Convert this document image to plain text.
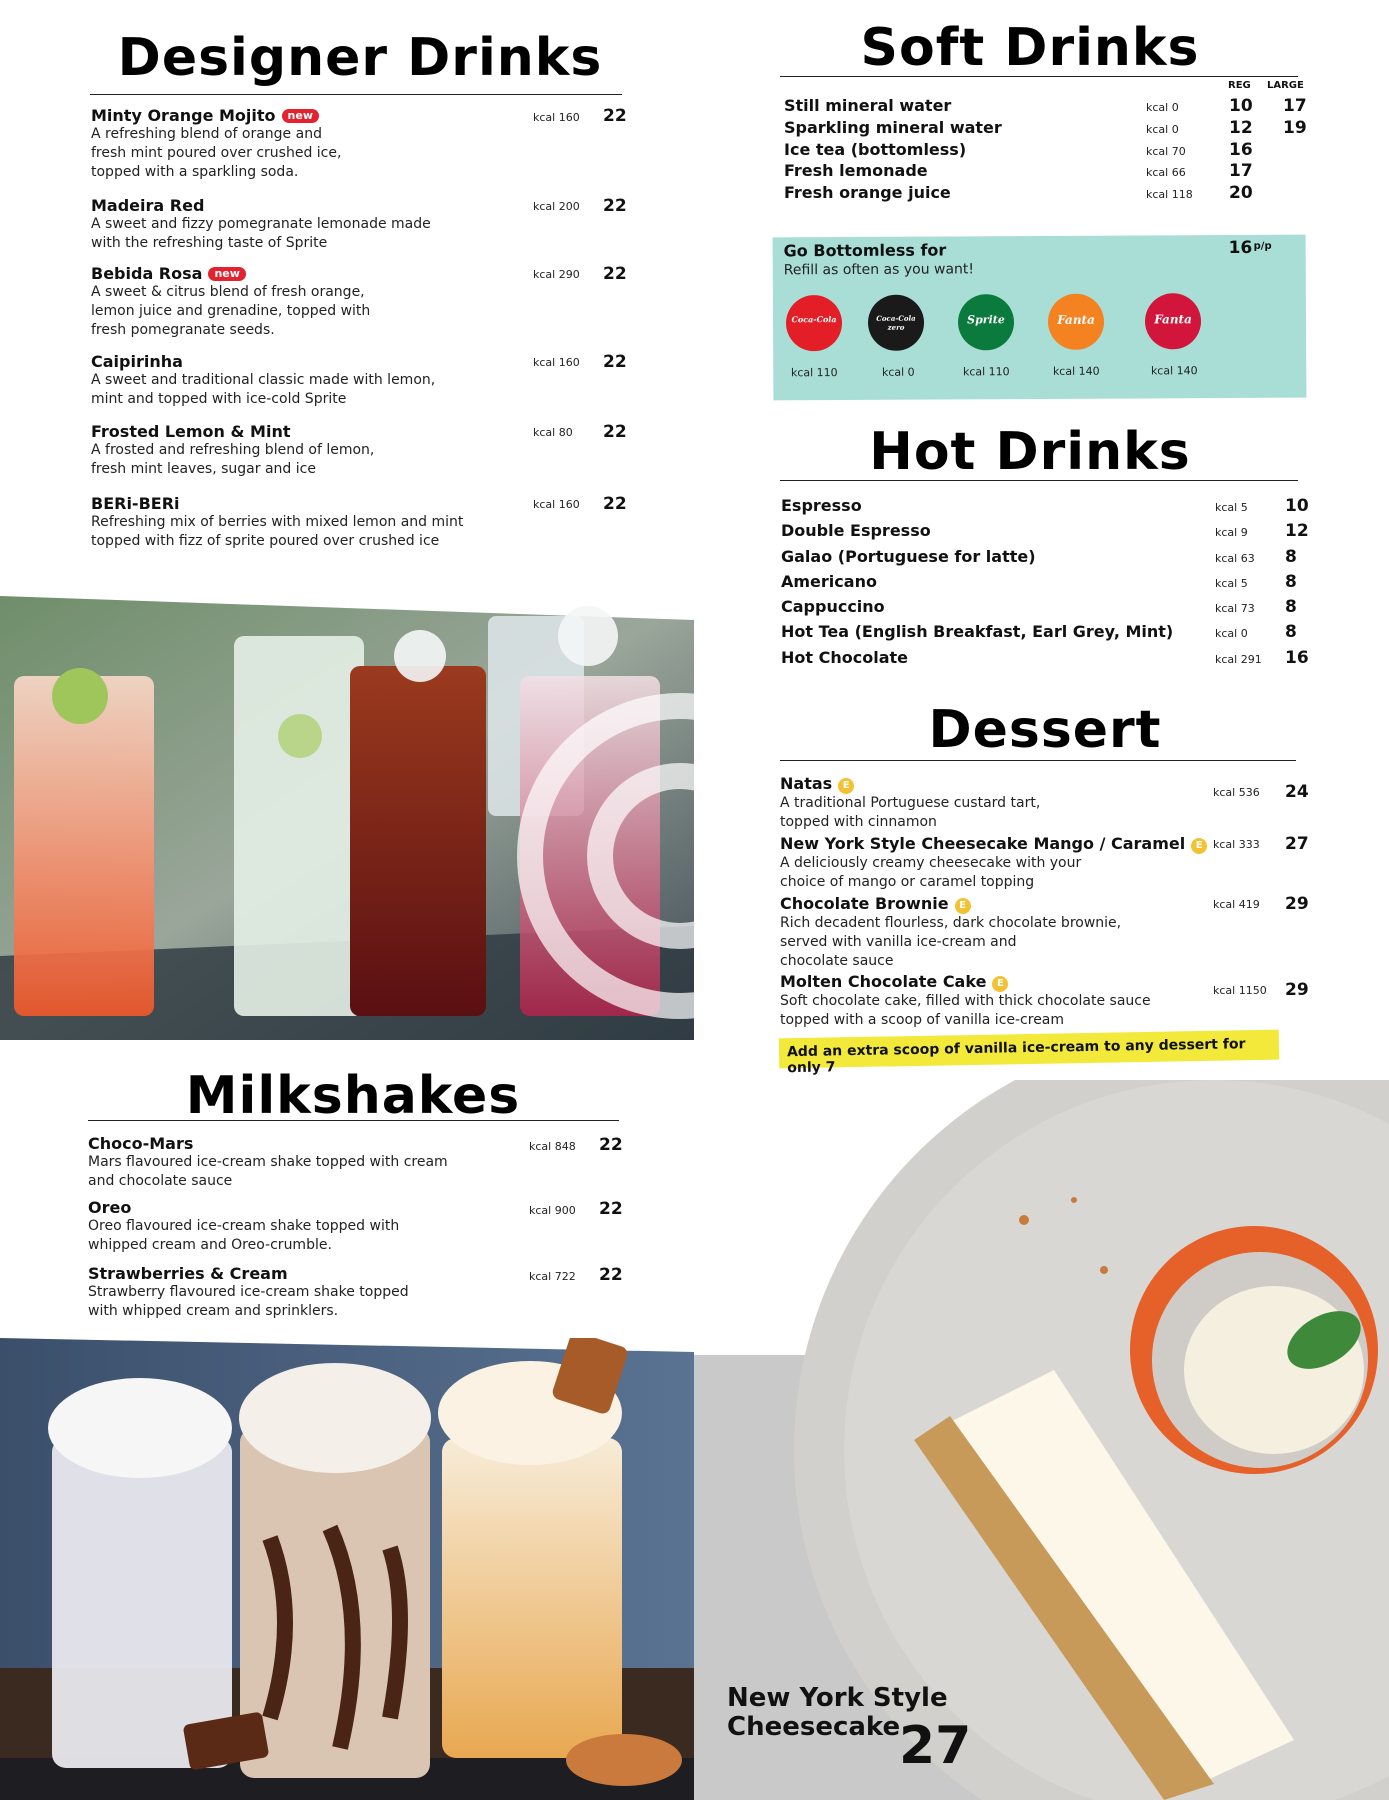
Designer Drinks
Minty Orange Mojito new
A refreshing blend of orange and
fresh mint poured over crushed ice,
topped with a sparkling soda.
kcal 160 22
Madeira Red
A sweet and fizzy pomegranate lemonade made
with the refreshing taste of Sprite
kcal 200 22
Bebida Rosa new
A sweet & citrus blend of fresh orange,
lemon juice and grenadine, topped with
fresh pomegranate seeds.
kcal 290 22
Caipirinha
A sweet and traditional classic made with lemon,
mint and topped with ice-cold Sprite
kcal 160 22
Frosted Lemon & Mint
A frosted and refreshing blend of lemon,
fresh mint leaves, sugar and ice
kcal 80 22
BERi-BERi
Refreshing mix of berries with mixed lemon and mint
topped with fizz of sprite poured over crushed ice
kcal 160 22
Soft Drinks
REG LARGE
Still mineral water	kcal 0	10 17
Sparkling mineral water	kcal 0	12 19
Ice tea (bottomless)	kcal 70	16
Fresh lemonade	kcal 66	17
Fresh orange juice	kcal 118 20
Go Bottomless for
Refill as often as you want!
16 p/p
Coca-Cola	Coca-Cola zero
Sprite	Fanta	Fanta
kcal 110	kcal 0	kcal 110	kcal 140	kcal 140
Hot Drinks
Espresso	kcal 5 10
Double Espresso	kcal 9 12
Galao (Portuguese for latte)	kcal 63 8
Americano	kcal 5 8
Cappuccino	kcal 73 8
Hot Tea (English Breakfast, Earl Grey, Mint)	kcal 0 8
Hot Chocolate	kcal 291 16
Dessert
Natas E
A traditional Portuguese custard tart,
topped with cinnamon
kcal 536 24
New York Style Cheesecake Mango / Caramel E
A deliciously creamy cheesecake with your
choice of mango or caramel topping
kcal 333 27
Chocolate Brownie E
Rich decadent flourless, dark chocolate brownie,
served with vanilla ice-cream and
chocolate sauce
kcal 419 29
Molten Chocolate Cake E
Soft chocolate cake, filled with thick chocolate sauce
topped with a scoop of vanilla ice-cream
kcal 1150 29
Add an extra scoop of vanilla ice-cream to any dessert for only 7
Milkshakes
Choco-Mars
Mars flavoured ice-cream shake topped with cream
and chocolate sauce
kcal 848 22
Oreo
Oreo flavoured ice-cream shake topped with
whipped cream and Oreo-crumble.
kcal 900 22
Strawberries & Cream
Strawberry flavoured ice-cream shake topped
with whipped cream and sprinklers.
kcal 722 22
New York Style
Cheesecake
27
